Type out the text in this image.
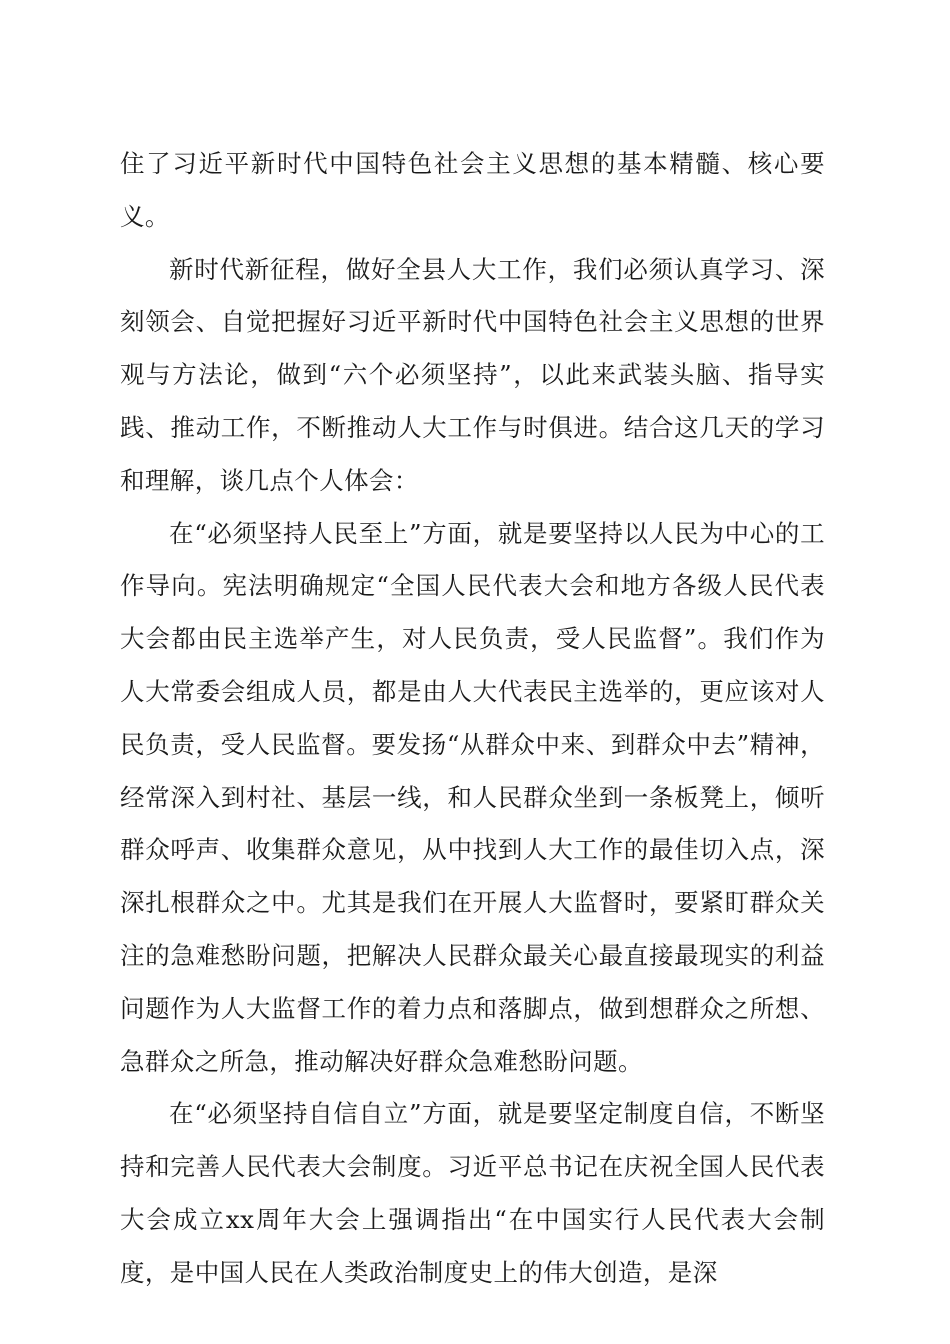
住了习近平新时代中国特色社会主义思想的基本精髓、核心要义。

新时代新征程，做好全县人大工作，我们必须认真学习、深刻领会、自觉把握好习近平新时代中国特色社会主义思想的世界观与方法论，做到“六个必须坚持”，以此来武装头脑、指导实践、推动工作，不断推动人大工作与时俱进。结合这几天的学习和理解，谈几点个人体会：

在“必须坚持人民至上”方面，就是要坚持以人民为中心的工作导向。宪法明确规定“全国人民代表大会和地方各级人民代表大会都由民主选举产生，对人民负责，受人民监督”。我们作为人大常委会组成人员，都是由人大代表民主选举的，更应该对人民负责，受人民监督。要发扬“从群众中来、到群众中去”精神，经常深入到村社、基层一线，和人民群众坐到一条板凳上，倾听群众呼声、收集群众意见，从中找到人大工作的最佳切入点，深深扎根群众之中。尤其是我们在开展人大监督时，要紧盯群众关注的急难愁盼问题，把解决人民群众最关心最直接最现实的利益问题作为人大监督工作的着力点和落脚点，做到想群众之所想、急群众之所急，推动解决好群众急难愁盼问题。

在“必须坚持自信自立”方面，就是要坚定制度自信，不断坚持和完善人民代表大会制度。习近平总书记在庆祝全国人民代表大会成立xx周年大会上强调指出“在中国实行人民代表大会制度，是中国人民在人类政治制度史上的伟大创造，是深
